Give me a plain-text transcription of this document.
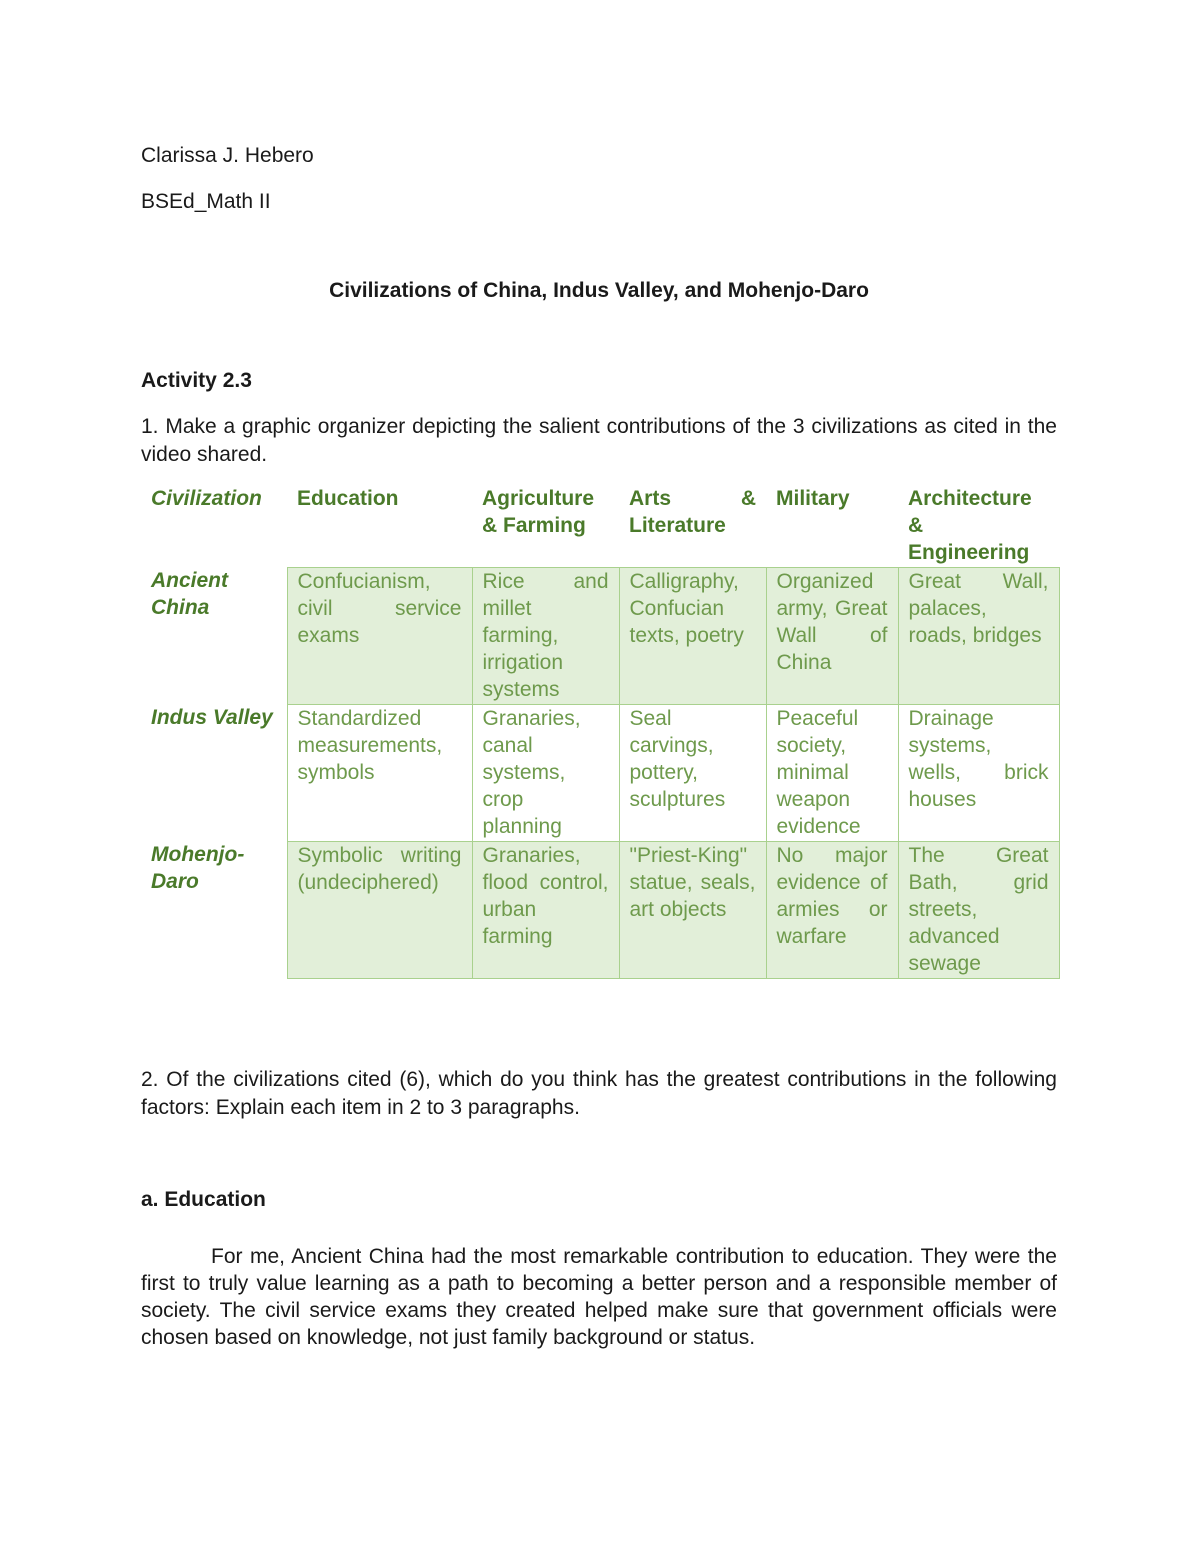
Clarissa J. Hebero
BSEd_Math II
Civilizations of China, Indus Valley, and Mohenjo-Daro
Activity 2.3
1. Make a graphic organizer depicting the salient contributions of the 3 civilizations as cited in the video shared.
Civilization	Education	Agriculture & Farming	Arts & Literature	Military	Architecture & Engineering
Ancient China	Confucianism, civil service exams	Rice and millet farming, irrigation systems	Calligraphy, Confucian texts, poetry	Organized army, Great Wall of China	Great Wall, palaces, roads, bridges
Indus Valley	Standardized measurements, symbols	Granaries, canal systems, crop planning	Seal carvings, pottery, sculptures	Peaceful society, minimal weapon evidence	Drainage systems, wells, brick houses
Mohenjo-Daro	Symbolic writing (undeciphered)	Granaries, flood control, urban farming	"Priest-King" statue, seals, art objects	No major evidence of armies or warfare	The Great Bath, grid streets, advanced sewage
2. Of the civilizations cited (6), which do you think has the greatest contributions in the following factors: Explain each item in 2 to 3 paragraphs.
a. Education
For me, Ancient China had the most remarkable contribution to education. They were the first to truly value learning as a path to becoming a better person and a responsible member of society. The civil service exams they created helped make sure that government officials were chosen based on knowledge, not just family background or status.
